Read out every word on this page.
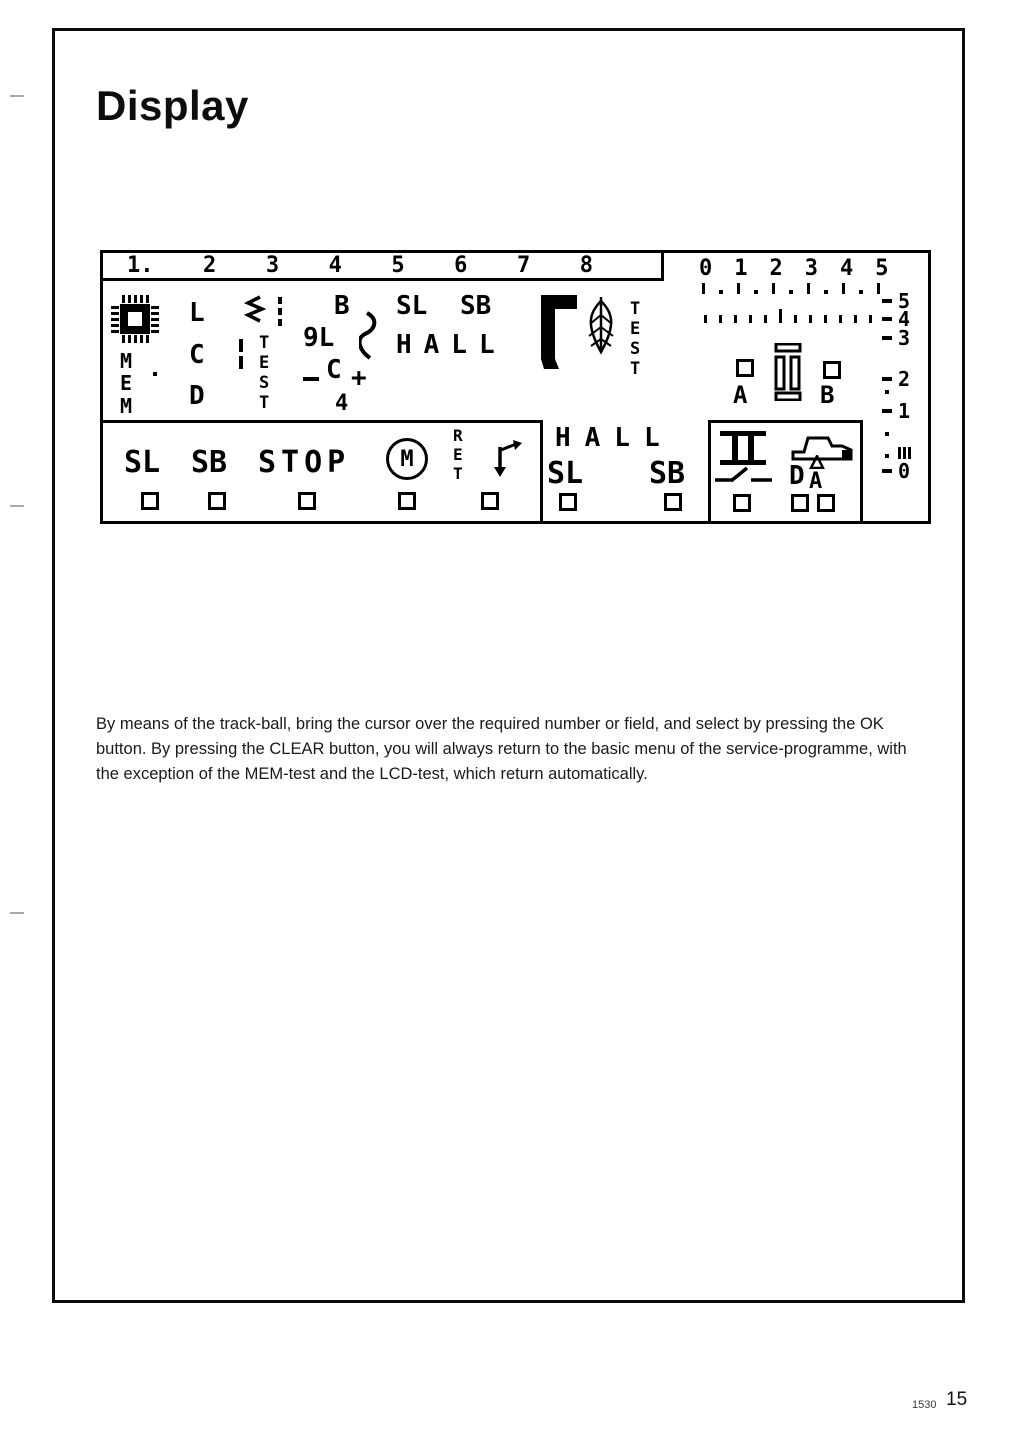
Display
1. 2 3 4 5 6 7 8
MEM
LCD
TEST
B
9L
C +
4
SL SB
HALL
TEST
0 1 2 3 4 5
A	B
5
4
3
2
1
0
SL SB STOP M
RET
HALL
SL SB	D A

By means of the track-ball, bring the cursor over the required number or field, and select by pressing the OK button. By pressing the CLEAR button, you will always return to the basic menu of the service-programme, with the exception of the MEM-test and the LCD-test, which return automatically.

1530 15
